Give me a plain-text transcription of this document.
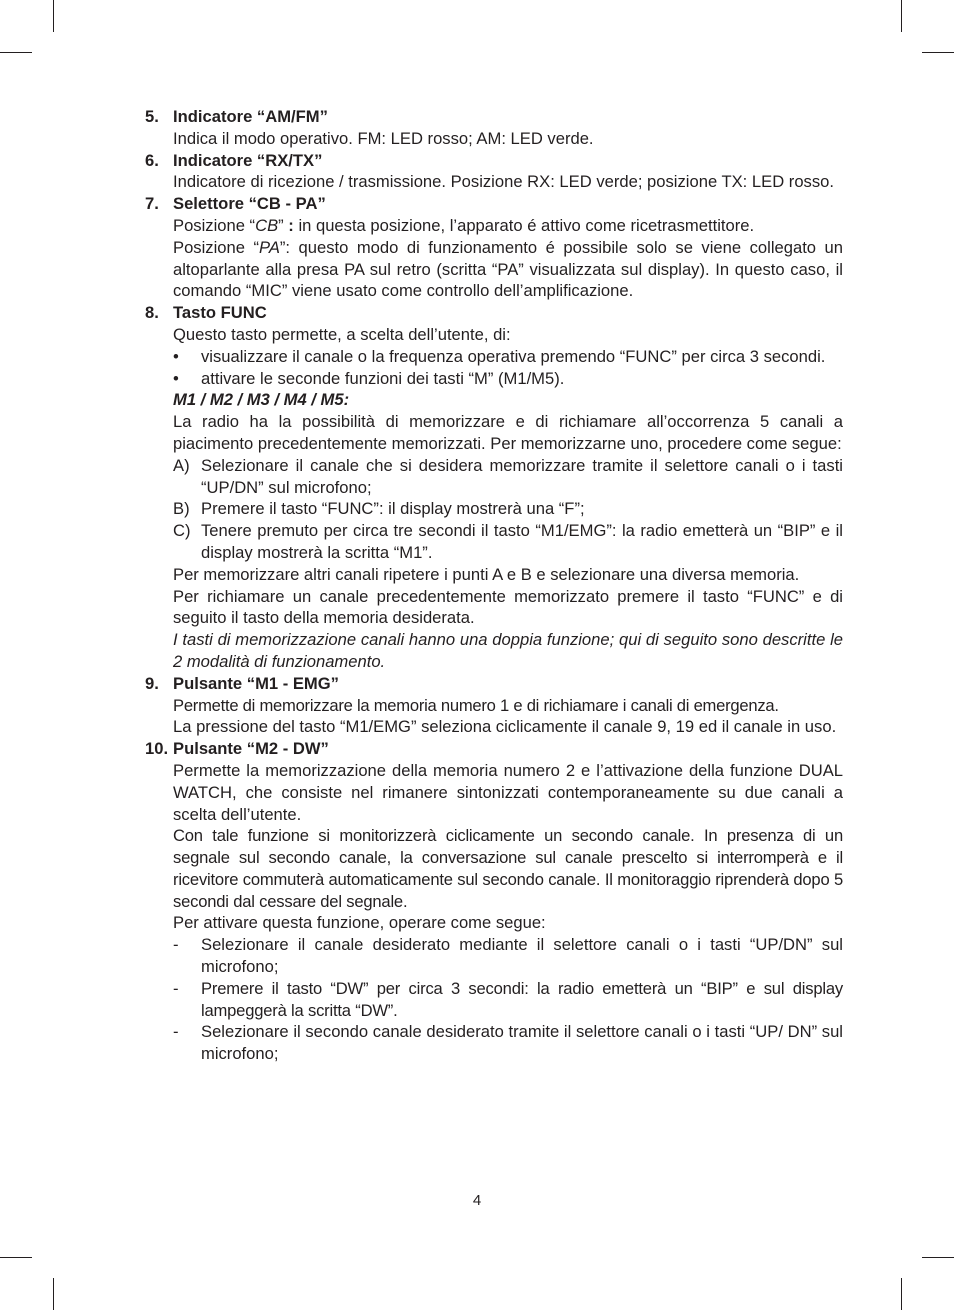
5. Indicatore “AM/FM”

Indica il modo operativo. FM: LED rosso; AM: LED verde.

6. Indicatore “RX/TX”

Indicatore di ricezione / trasmissione. Posizione RX: LED verde; posizione TX: LED rosso.

7. Selettore “CB - PA”

Posizione “CB” : in questa posizione, l’apparato é attivo come ricetrasmettitore.

Posizione “PA”: questo modo di funzionamento é possibile solo se viene collegato un altoparlante alla presa PA sul retro (scritta “PA” visualizzata sul display). In questo caso, il comando “MIC” viene usato come controllo dell’amplificazione.

8. Tasto FUNC

Questo tasto permette, a scelta dell’utente, di:

•	visualizzare il canale o la frequenza operativa premendo “FUNC” per circa 3 secondi.
•	attivare le seconde funzioni dei tasti “M” (M1/M5).

M1 / M2 / M3 / M4 / M5:

La radio ha la possibilità di memorizzare e di richiamare all’occorrenza 5 canali a piacimento precedentemente memorizzati. Per memorizzarne uno, procedere come segue:

A) Selezionare il canale che si desidera memorizzare tramite il selettore canali o i tasti “UP/DN” sul microfono;
B) Premere il tasto “FUNC”: il display mostrerà una “F”;
C) Tenere premuto per circa tre secondi il tasto “M1/EMG”: la radio emetterà un “BIP” e il display mostrerà la scritta “M1”.

Per memorizzare altri canali ripetere i punti A e B e selezionare una diversa memoria.

Per richiamare un canale precedentemente memorizzato premere il tasto “FUNC” e di seguito il tasto della memoria desiderata.

I tasti di memorizzazione canali hanno una doppia funzione; qui di seguito sono descritte le 2 modalità di funzionamento.

9. Pulsante “M1 - EMG”

Permette di memorizzare la memoria numero 1 e di richiamare i canali di emergenza.

La pressione del tasto “M1/EMG” seleziona ciclicamente il canale 9, 19 ed il canale in uso.

10. Pulsante “M2 - DW”

Permette la memorizzazione della memoria numero 2 e l’attivazione della funzione DUAL WATCH, che consiste nel rimanere sintonizzati contemporaneamente su due canali a scelta dell’utente.

Con tale funzione si monitorizzerà ciclicamente un secondo canale. In presenza di un segnale sul secondo canale, la conversazione sul canale prescelto si interromperà e il ricevitore commuterà automaticamente sul secondo canale. Il monitoraggio riprenderà dopo 5 secondi dal cessare del segnale.

Per attivare questa funzione, operare come segue:

-	Selezionare il canale desiderato mediante il selettore canali o i tasti “UP/DN” sul microfono;
-	Premere il tasto “DW” per circa 3 secondi: la radio emetterà un “BIP” e sul display lampeggerà la scritta “DW”.
-	Selezionare il secondo canale desiderato tramite il selettore canali o i tasti “UP/ DN” sul microfono;
4
